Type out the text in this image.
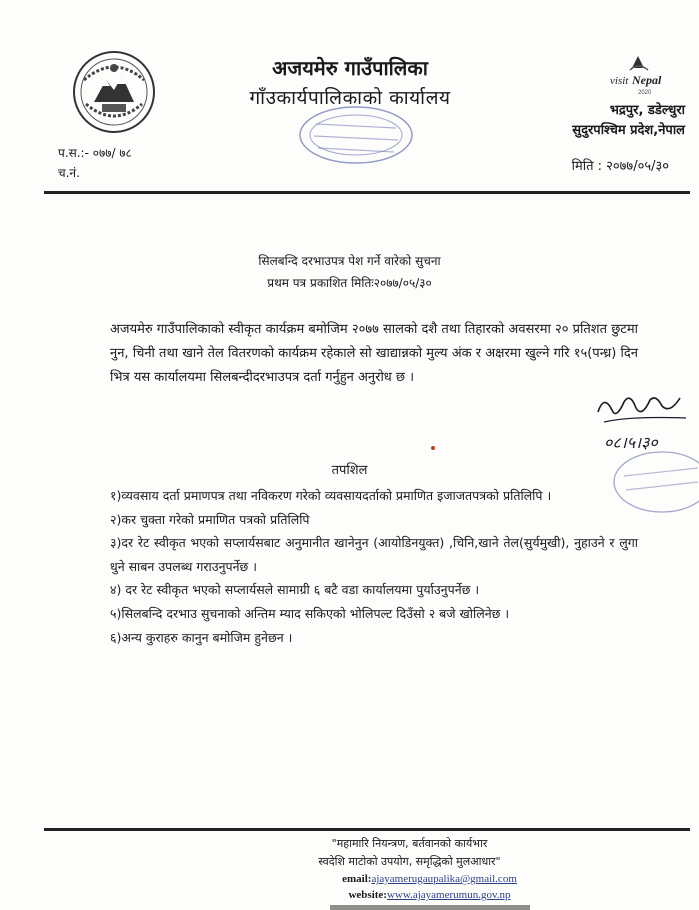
visit Nepal
2020
अजयमेरु गाउँपालिका
गाँउकार्यपालिकाको कार्यालय
भद्रपुर, डडेल्धुरा
सुदुरपश्चिम प्रदेश,नेपाल
प.स.:- ०७७/ ७८
च.नं.	मिति : २०७७/०५/३०
सिलबन्दि दरभाउपत्र पेश गर्ने वारेको सुचना
प्रथम पत्र प्रकाशित मितिः२०७७/०५/३०
अजयमेरु गाउँपालिकाको स्वीकृत कार्यक्रम बमोजिम २०७७ सालको दशै तथा तिहारको अवसरमा २० प्रतिशत छुटमा नुन, चिनी तथा खाने तेल वितरणको कार्यक्रम रहेकाले सो खाद्यान्नको मुल्य अंक र अक्षरमा खुल्ने गरि १५(पन्ध्र) दिन भित्र यस कार्यालयमा सिलबन्दीदरभाउपत्र दर्ता गर्नुहुन अनुरोध छ ।
०८।५।३०
तपशिल
१)व्यवसाय दर्ता प्रमाणपत्र तथा नविकरण गरेको व्यवसायदर्ताको प्रमाणित इजाजतपत्रको प्रतिलिपि ।
२)कर चुक्ता गरेको प्रमाणित पत्रको प्रतिलिपि
३)दर रेट स्वीकृत भएको सप्लार्यसबाट अनुमानीत खानेनुन (आयोडिनयुक्त) ,चिनि,खाने तेल(सुर्यमुखी), नुहाउने र लुगा धुने साबन उपलब्ध गराउनुपर्नेछ ।
४) दर रेट स्वीकृत भएको सप्लार्यसले सामाग्री ६ बटै वडा कार्यालयमा पुर्याउनुपर्नेछ ।
५)सिलबन्दि दरभाउ सुचनाको अन्तिम म्याद सकिएको भोलिपल्ट दिउँसो २ बजे खोलिनेछ ।
६)अन्य कुराहरु कानुन बमोजिम हुनेछन ।
"महामारि नियन्त्रण, बर्तवानको कार्यभार
स्वदेशि माटोको उपयोग, समृद्धिको मुलआधार"
email:ajayamerugaupalika@gmail.com
website:www.ajayamerumun.gov.np
